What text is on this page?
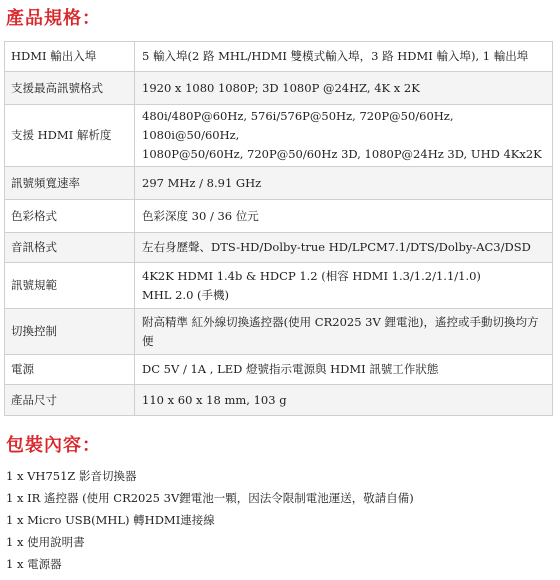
產品規格：
HDMI 輸出入埠	5 輸入埠(2 路 MHL/HDMI 雙模式輸入埠，3 路 HDMI 輸入埠), 1 輸出埠

支援最高訊號格式	1920 x 1080 1080P; 3D 1080P @24HZ, 4K x 2K

支援 HDMI 解析度	480i/480P@60Hz, 576i/576P@50Hz, 720P@50/60Hz, 1080i@50/60Hz,
1080P@50/60Hz, 720P@50/60Hz 3D, 1080P@24Hz 3D, UHD 4Kx2K

訊號頻寬速率	297 MHz / 8.91 GHz

色彩格式	色彩深度 30 / 36 位元

音訊格式	左右身歷聲、DTS-HD/Dolby-true HD/LPCM7.1/DTS/Dolby-AC3/DSD

訊號規範	4K2K HDMI 1.4b & HDCP 1.2 (相容 HDMI 1.3/1.2/1.1/1.0)
MHL 2.0 (手機)

切換控制	附高精準 紅外線切換遙控器(使用 CR2025 3V 鋰電池)，遙控或手動切換均方
便

電源	DC 5V / 1A , LED 燈號指示電源與 HDMI 訊號工作狀態

產品尺寸	110 x 60 x 18 mm, 103 g
包裝內容：
1 x VH751Z 影音切換器
1 x IR 遙控器 (使用 CR2025 3V鋰電池一顆，因法令限制電池運送，敬請自備)
1 x Micro USB(MHL) 轉HDMI連接線
1 x 使用說明書
1 x 電源器
